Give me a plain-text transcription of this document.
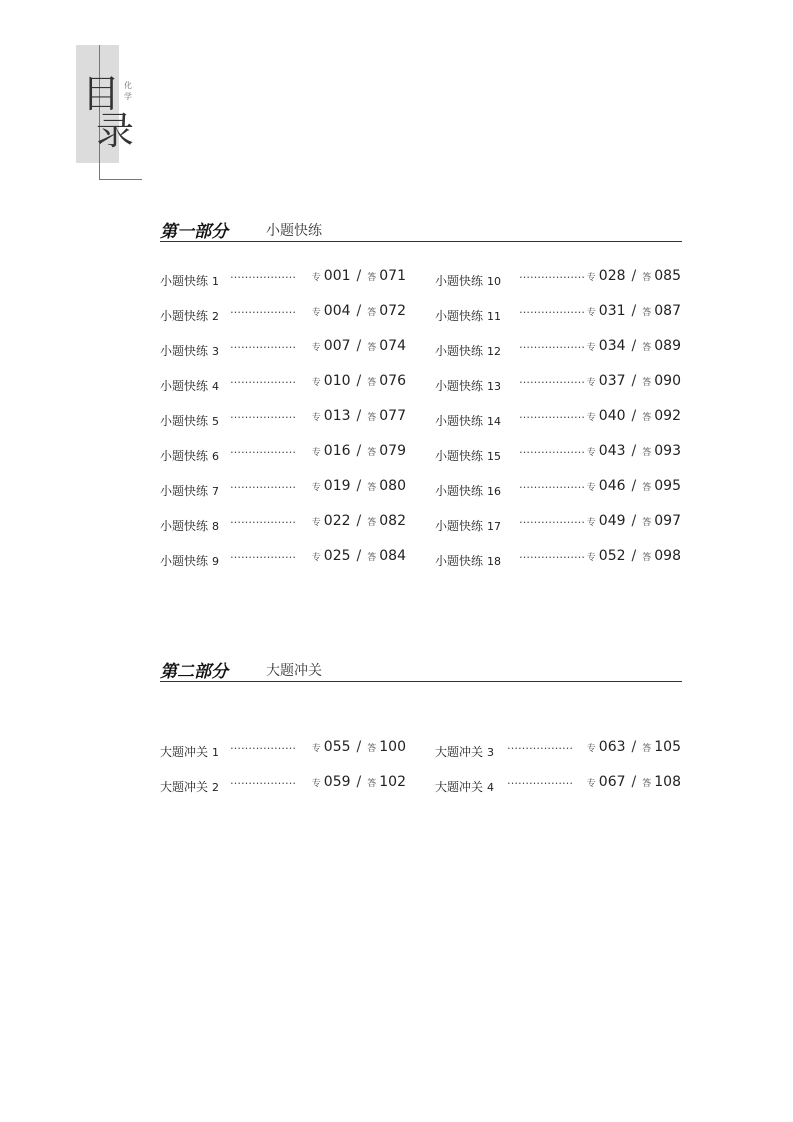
目
录
化
学
第一部分	小题快练
小题快练 1
……………… 专 001 / 答 071
小题快练 2
……………… 专 004 / 答 072
小题快练 3
……………… 专 007 / 答 074
小题快练 4
……………… 专 010 / 答 076
小题快练 5
……………… 专 013 / 答 077
小题快练 6
……………… 专 016 / 答 079
小题快练 7
……………… 专 019 / 答 080
小题快练 8
……………… 专 022 / 答 082
小题快练 9
……………… 专 025 / 答 084
小题快练 10
……………… 专 028 / 答 085
小题快练 11
……………… 专 031 / 答 087
小题快练 12
……………… 专 034 / 答 089
小题快练 13
……………… 专 037 / 答 090
小题快练 14
……………… 专 040 / 答 092
小题快练 15
……………… 专 043 / 答 093
小题快练 16
……………… 专 046 / 答 095
小题快练 17
……………… 专 049 / 答 097
小题快练 18
……………… 专 052 / 答 098
第二部分	大题冲关
大题冲关 1
……………… 专 055 / 答 100
大题冲关 2
……………… 专 059 / 答 102
大题冲关 3
……………… 专 063 / 答 105
大题冲关 4
……………… 专 067 / 答 108
